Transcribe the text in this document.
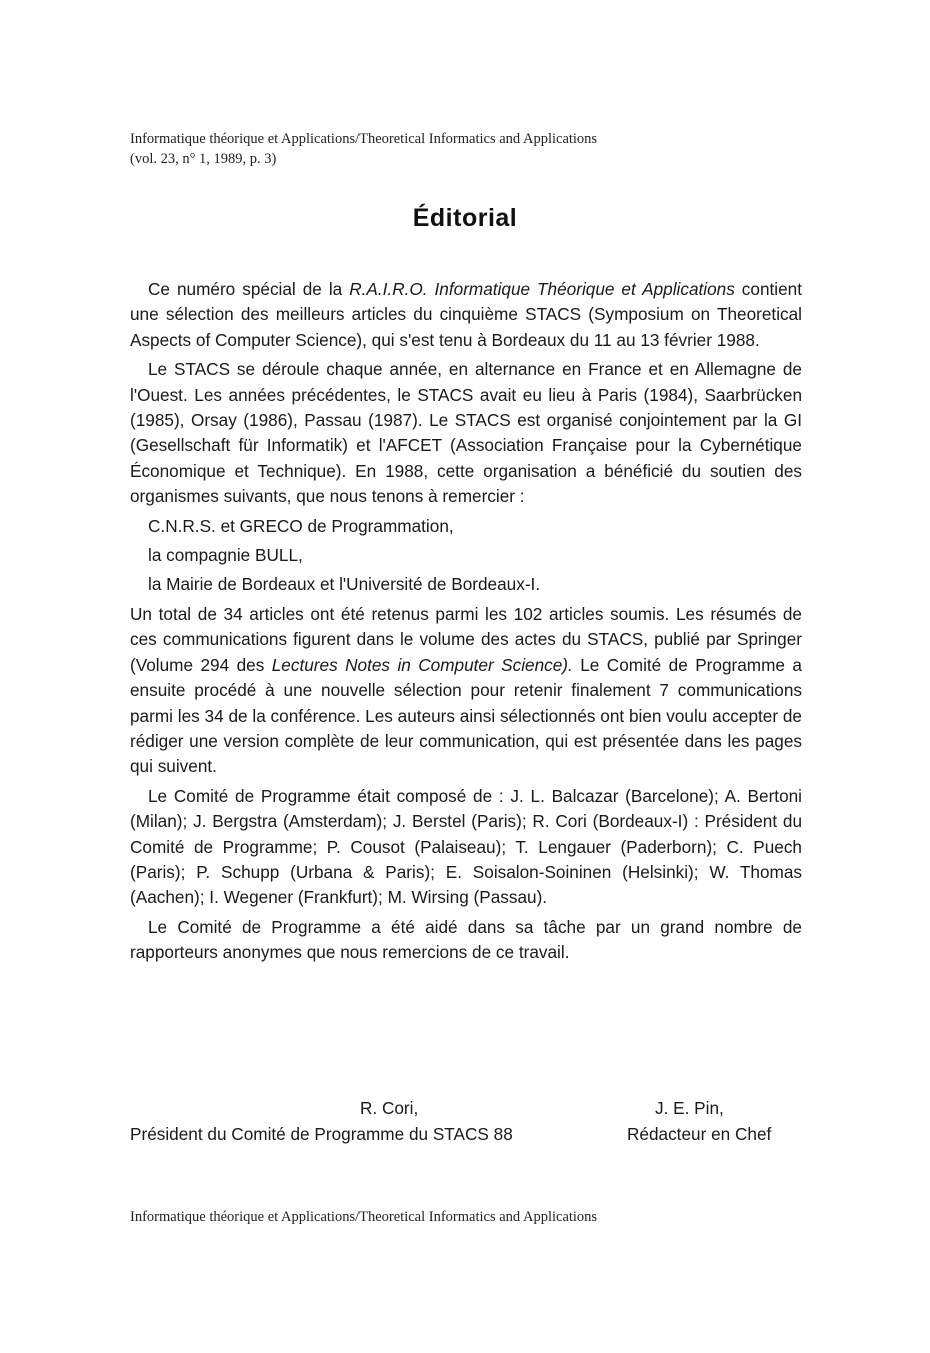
Informatique théorique et Applications/Theoretical Informatics and Applications
(vol. 23, n° 1, 1989, p. 3)
Éditorial

Ce numéro spécial de la R.A.I.R.O. Informatique Théorique et Applications contient une sélection des meilleurs articles du cinquième STACS (Symposium on Theoretical Aspects of Computer Science), qui s'est tenu à Bordeaux du 11 au 13 février 1988.

Le STACS se déroule chaque année, en alternance en France et en Allemagne de l'Ouest. Les années précédentes, le STACS avait eu lieu à Paris (1984), Saarbrücken (1985), Orsay (1986), Passau (1987). Le STACS est organisé conjointement par la GI (Gesellschaft für Informatik) et l'AFCET (Association Française pour la Cybernétique Économique et Technique). En 1988, cette organisation a bénéficié du soutien des organismes suivants, que nous tenons à remercier :

C.N.R.S. et GRECO de Programmation,

la compagnie BULL,

la Mairie de Bordeaux et l'Université de Bordeaux-I.

Un total de 34 articles ont été retenus parmi les 102 articles soumis. Les résumés de ces communications figurent dans le volume des actes du STACS, publié par Springer (Volume 294 des Lectures Notes in Computer Science). Le Comité de Programme a ensuite procédé à une nouvelle sélection pour retenir finalement 7 communications parmi les 34 de la conférence. Les auteurs ainsi sélectionnés ont bien voulu accepter de rédiger une version complète de leur communication, qui est présentée dans les pages qui suivent.

Le Comité de Programme était composé de : J. L. Balcazar (Barcelone); A. Bertoni (Milan); J. Bergstra (Amsterdam); J. Berstel (Paris); R. Cori (Bordeaux-I) : Président du Comité de Programme; P. Cousot (Palaiseau); T. Lengauer (Paderborn); C. Puech (Paris); P. Schupp (Urbana & Paris); E. Soisalon-Soininen (Helsinki); W. Thomas (Aachen); I. Wegener (Frankfurt); M. Wirsing (Passau).

Le Comité de Programme a été aidé dans sa tâche par un grand nombre de rapporteurs anonymes que nous remercions de ce travail.

R. Cori,
Président du Comité de Programme du STACS 88
J. E. Pin,
Rédacteur en Chef
Informatique théorique et Applications/Theoretical Informatics and Applications
